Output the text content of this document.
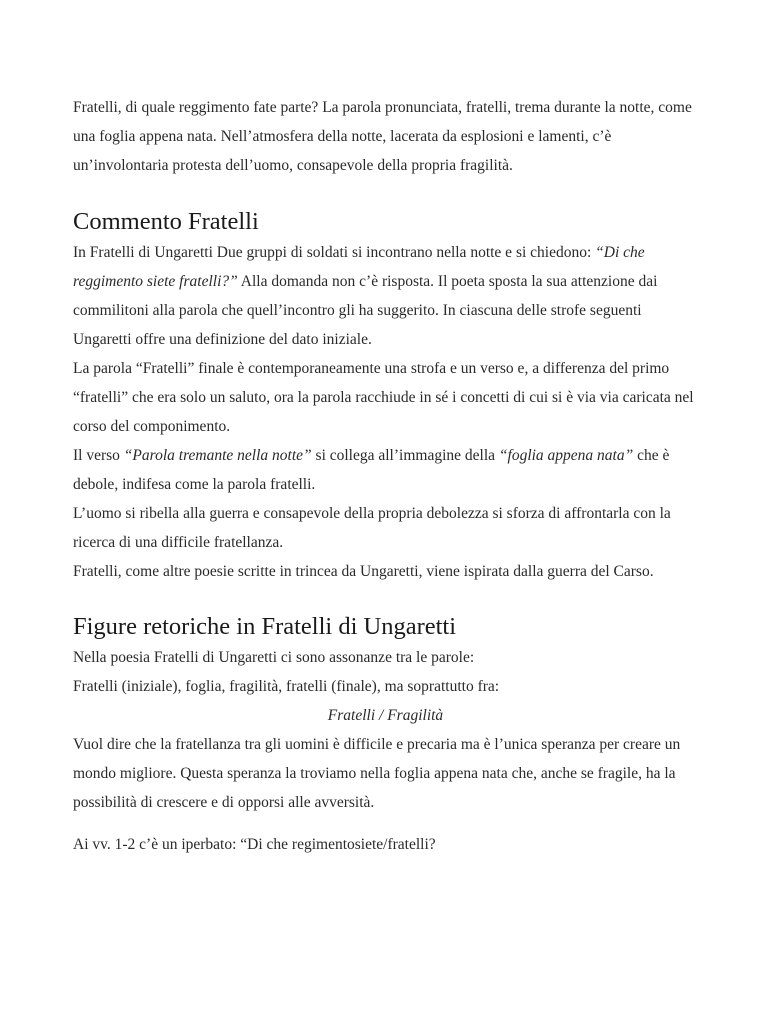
Fratelli, di quale reggimento fate parte? La parola pronunciata, fratelli, trema durante la notte, come una foglia appena nata. Nell’atmosfera della notte, lacerata da esplosioni e lamenti, c’è un’involontaria protesta dell’uomo, consapevole della propria fragilità.

Commento Fratelli

In Fratelli di Ungaretti Due gruppi di soldati si incontrano nella notte e si chiedono: “Di che reggimento siete fratelli?” Alla domanda non c’è risposta. Il poeta sposta la sua attenzione dai commilitoni alla parola che quell’incontro gli ha suggerito. In ciascuna delle strofe seguenti Ungaretti offre una definizione del dato iniziale.

La parola “Fratelli” finale è contemporaneamente una strofa e un verso e, a differenza del primo “fratelli” che era solo un saluto, ora la parola racchiude in sé i concetti di cui si è via via caricata nel corso del componimento.

Il verso “Parola tremante nella notte” si collega all’immagine della “foglia appena nata” che è debole, indifesa come la parola fratelli.

L’uomo si ribella alla guerra e consapevole della propria debolezza si sforza di affrontarla con la ricerca di una difficile fratellanza.

Fratelli, come altre poesie scritte in trincea da Ungaretti, viene ispirata dalla guerra del Carso.

Figure retoriche in Fratelli di Ungaretti

Nella poesia Fratelli di Ungaretti ci sono assonanze tra le parole:

Fratelli (iniziale), foglia, fragilità, fratelli (finale), ma soprattutto fra:

Fratelli / Fragilità

Vuol dire che la fratellanza tra gli uomini è difficile e precaria ma è l’unica speranza per creare un mondo migliore. Questa speranza la troviamo nella foglia appena nata che, anche se fragile, ha la possibilità di crescere e di opporsi alle avversità.

Ai vv. 1-2 c’è un iperbato: “Di che regimentosiete/fratelli?
